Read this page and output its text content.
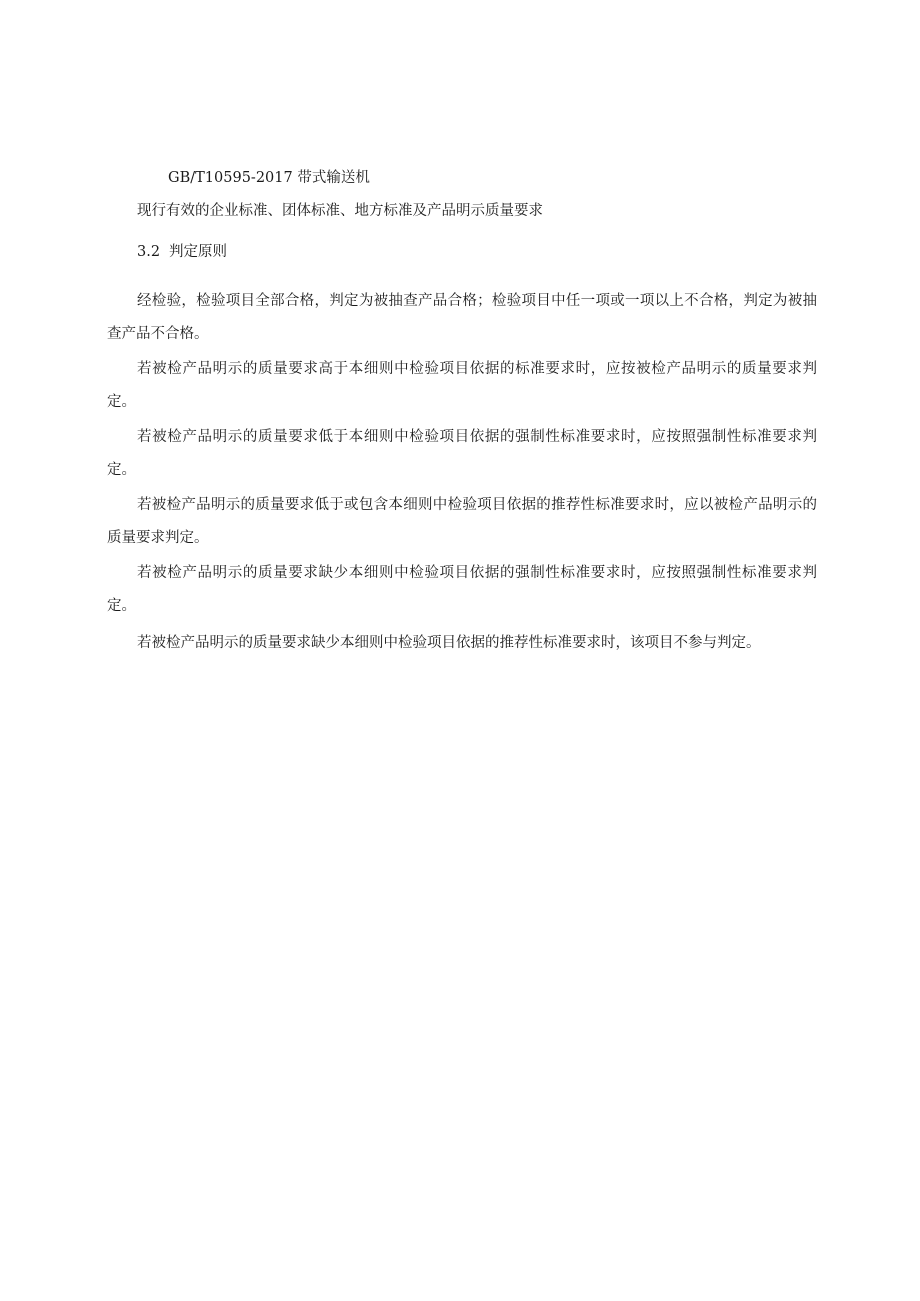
GB/T10595-2017 带式输送机
现行有效的企业标准、团体标准、地方标准及产品明示质量要求
3.2 判定原则
经检验，检验项目全部合格，判定为被抽查产品合格；检验项目中任一项或一项以上不合格，判定为被抽查产品不合格。
若被检产品明示的质量要求高于本细则中检验项目依据的标准要求时，应按被检产品明示的质量要求判定。
若被检产品明示的质量要求低于本细则中检验项目依据的强制性标准要求时，应按照强制性标准要求判定。
若被检产品明示的质量要求低于或包含本细则中检验项目依据的推荐性标准要求时，应以被检产品明示的质量要求判定。
若被检产品明示的质量要求缺少本细则中检验项目依据的强制性标准要求时，应按照强制性标准要求判定。
若被检产品明示的质量要求缺少本细则中检验项目依据的推荐性标准要求时，该项目不参与判定。
